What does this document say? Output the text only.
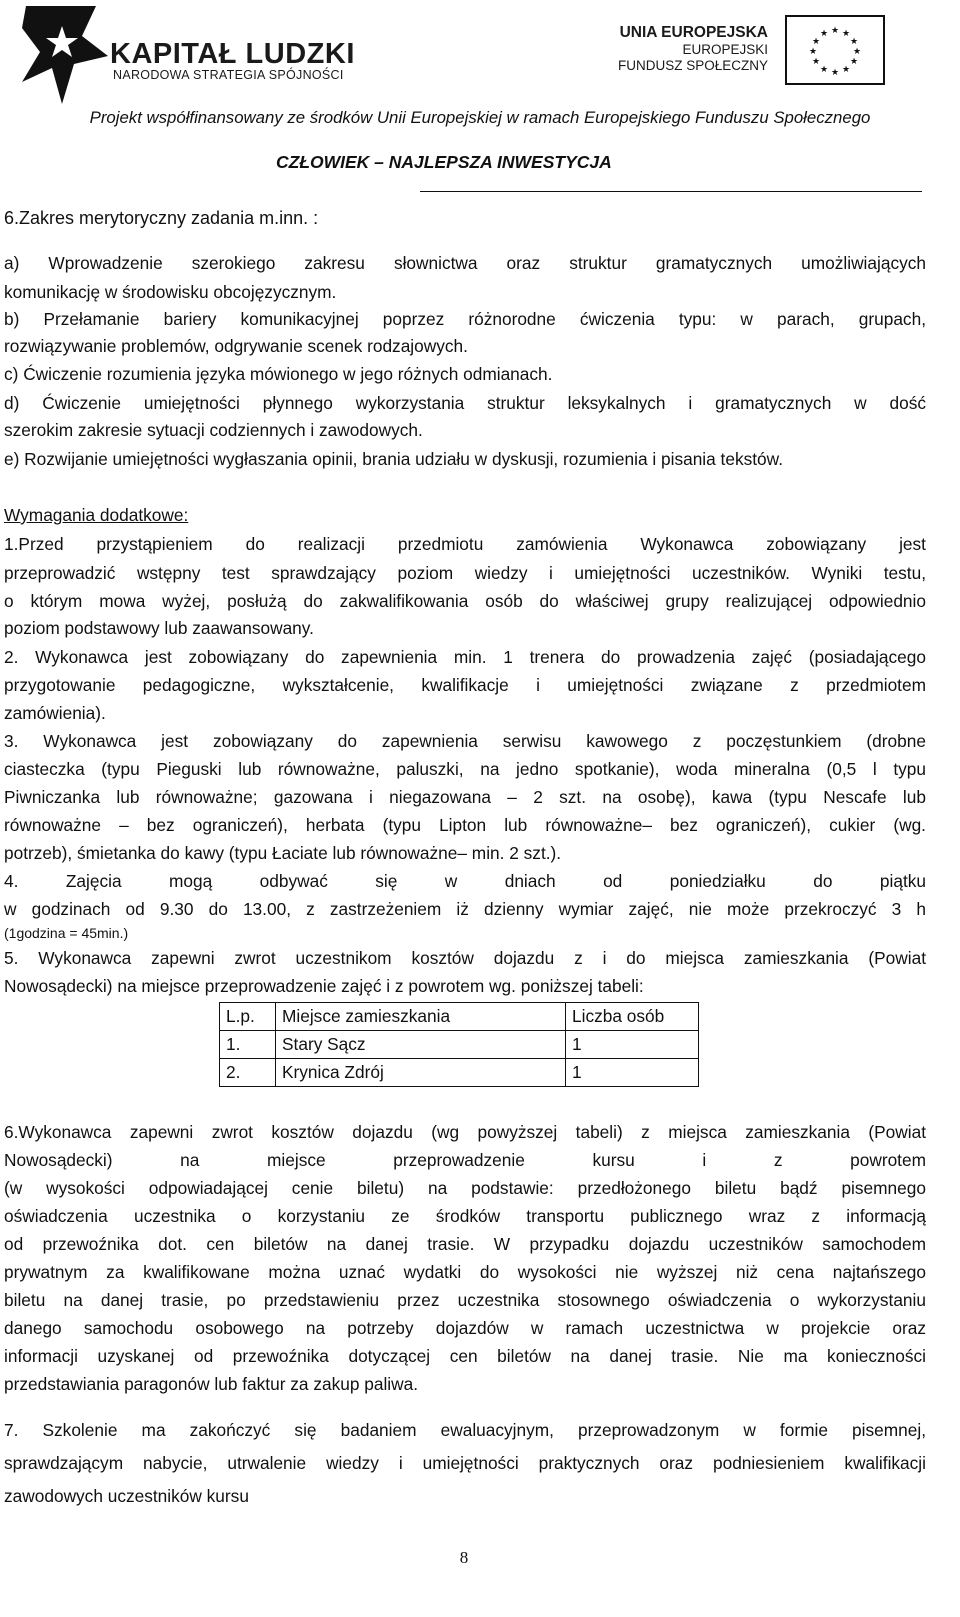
KAPITAŁ LUDZKI
NARODOWA STRATEGIA SPÓJNOŚCI
UNIA EUROPEJSKA
EUROPEJSKI
FUNDUSZ SPOŁECZNY
★ ★
★
★
★
★
★
★
★
★
★
★
Projekt współfinansowany ze środków Unii Europejskiej w ramach Europejskiego Funduszu Społecznego
CZŁOWIEK – NAJLEPSZA INWESTYCJA
6.Zakres merytoryczny zadania m.inn. :
a) Wprowadzenie szerokiego zakresu słownictwa oraz struktur gramatycznych umożliwiających
komunikację w środowisku obcojęzycznym.
b) Przełamanie bariery komunikacyjnej poprzez różnorodne ćwiczenia typu: w parach, grupach,
rozwiązywanie problemów, odgrywanie scenek rodzajowych.
c) Ćwiczenie rozumienia języka mówionego w jego różnych odmianach.
d) Ćwiczenie umiejętności płynnego wykorzystania struktur leksykalnych i gramatycznych w dość
szerokim zakresie sytuacji codziennych i zawodowych.
e) Rozwijanie umiejętności wygłaszania opinii, brania udziału w dyskusji, rozumienia i pisania tekstów.
Wymagania dodatkowe:
1.Przed przystąpieniem do realizacji przedmiotu zamówienia Wykonawca zobowiązany jest
przeprowadzić wstępny test sprawdzający poziom wiedzy i umiejętności uczestników. Wyniki testu,
o którym mowa wyżej, posłużą do zakwalifikowania osób do właściwej grupy realizującej odpowiednio
poziom podstawowy lub zaawansowany.
2. Wykonawca jest zobowiązany do zapewnienia min. 1 trenera do prowadzenia zajęć (posiadającego
przygotowanie pedagogiczne, wykształcenie, kwalifikacje i umiejętności związane z przedmiotem
zamówienia).
3. Wykonawca jest zobowiązany do zapewnienia serwisu kawowego z poczęstunkiem (drobne
ciasteczka (typu Pieguski lub równoważne, paluszki, na jedno spotkanie), woda mineralna (0,5 l typu
Piwniczanka lub równoważne; gazowana i niegazowana – 2 szt. na osobę), kawa (typu Nescafe lub
równoważne – bez ograniczeń), herbata (typu Lipton lub równoważne– bez ograniczeń), cukier (wg.
potrzeb), śmietanka do kawy (typu Łaciate lub równoważne– min. 2 szt.).
4. Zajęcia mogą odbywać się w dniach od poniedziałku do piątku
w godzinach od 9.30 do 13.00, z zastrzeżeniem iż dzienny wymiar zajęć, nie może przekroczyć 3 h
(1godzina = 45min.)
5. Wykonawca zapewni zwrot uczestnikom kosztów dojazdu z i do miejsca zamieszkania (Powiat
Nowosądecki) na miejsce przeprowadzenie zajęć i z powrotem wg. poniższej tabeli:
L.p.	Miejsce zamieszkania	Liczba osób
1.	Stary Sącz	1
2.	Krynica Zdrój	1
6.Wykonawca zapewni zwrot kosztów dojazdu (wg powyższej tabeli) z miejsca zamieszkania (Powiat
Nowosądecki) na miejsce przeprowadzenie kursu i z powrotem
(w wysokości odpowiadającej cenie biletu) na podstawie: przedłożonego biletu bądź pisemnego
oświadczenia uczestnika o korzystaniu ze środków transportu publicznego wraz z informacją
od przewoźnika dot. cen biletów na danej trasie. W przypadku dojazdu uczestników samochodem
prywatnym za kwalifikowane można uznać wydatki do wysokości nie wyższej niż cena najtańszego
biletu na danej trasie, po przedstawieniu przez uczestnika stosownego oświadczenia o wykorzystaniu
danego samochodu osobowego na potrzeby dojazdów w ramach uczestnictwa w projekcie oraz
informacji uzyskanej od przewoźnika dotyczącej cen biletów na danej trasie. Nie ma konieczności
przedstawiania paragonów lub faktur za zakup paliwa.
7. Szkolenie ma zakończyć się badaniem ewaluacyjnym, przeprowadzonym w formie pisemnej,
sprawdzającym nabycie, utrwalenie wiedzy i umiejętności praktycznych oraz podniesieniem kwalifikacji
zawodowych uczestników kursu
8
